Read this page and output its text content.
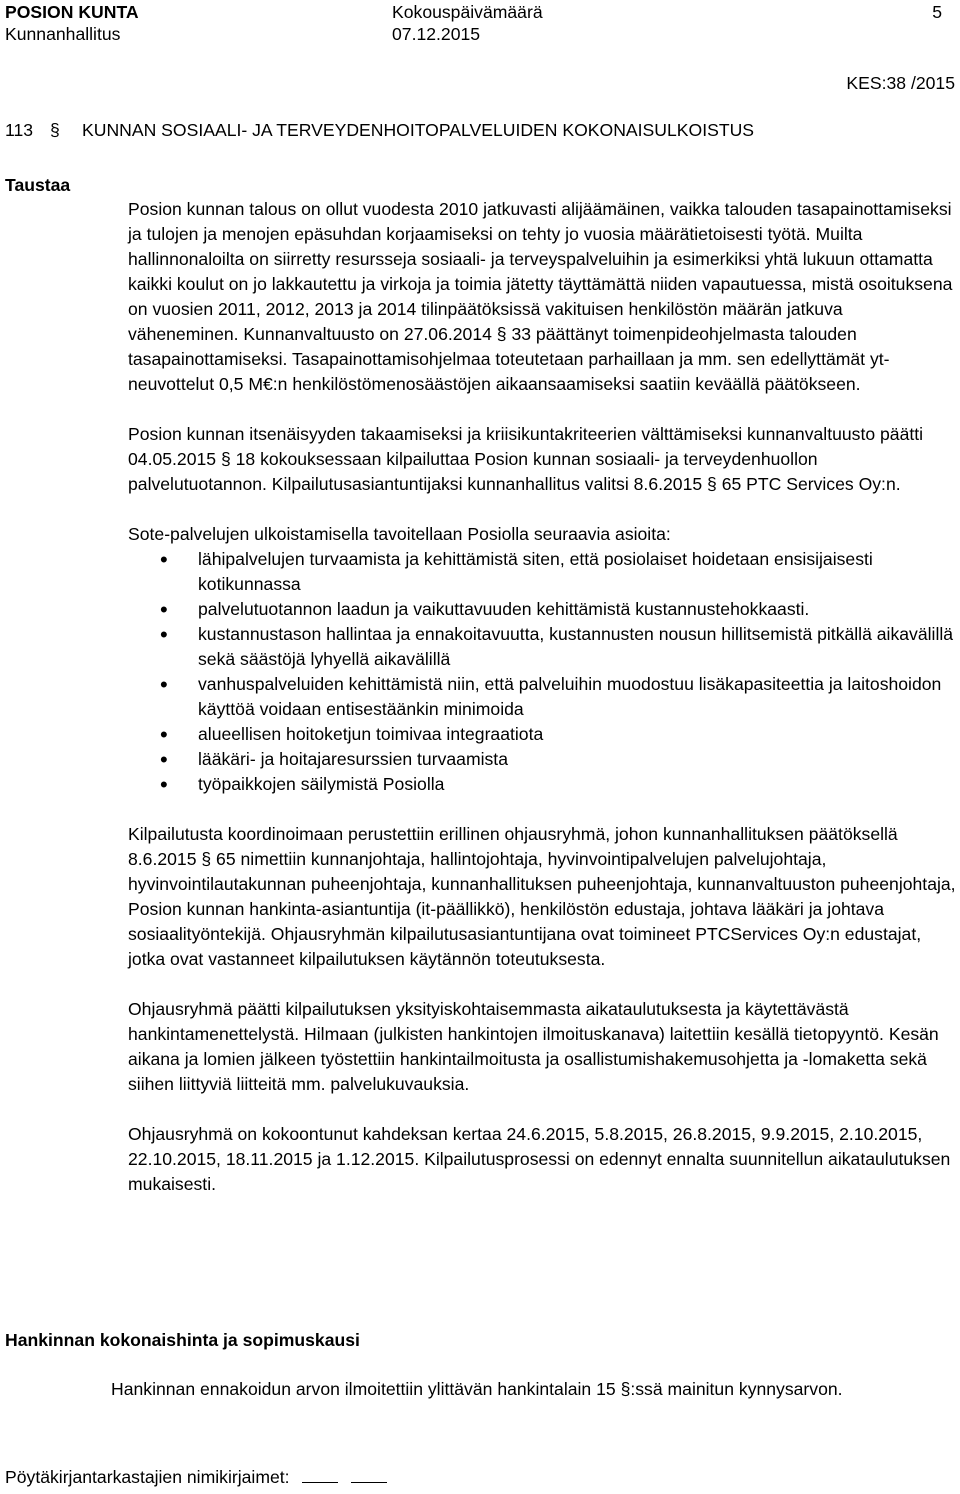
POSION KUNTA	Kokouspäivämäärä	5
Kunnanhallitus	07.12.2015
KES:38 /2015
113 § KUNNAN SOSIAALI- JA TERVEYDENHOITOPALVELUIDEN KOKONAISULKOISTUS
Taustaa

Posion kunnan talous on ollut vuodesta 2010 jatkuvasti alijäämäinen, vaikka talouden tasapainottamiseksi ja tulojen ja menojen epäsuhdan korjaamiseksi on tehty jo vuosia määrätietoisesti työtä. Muilta hallinnonaloilta on siirretty resursseja sosiaali- ja terveyspalveluihin ja esimerkiksi yhtä lukuun ottamatta kaikki koulut on jo lakkautettu ja virkoja ja toimia jätetty täyttämättä niiden vapautuessa, mistä osoituksena on vuosien 2011, 2012, 2013 ja 2014 tilinpäätöksissä vakituisen henkilöstön määrän jatkuva väheneminen. Kunnanvaltuusto on 27.06.2014 § 33 päättänyt toimenpideohjelmasta talouden tasapainottamiseksi. Tasapainottamisohjelmaa toteutetaan parhaillaan ja mm. sen edellyttämät yt-neuvottelut 0,5 M€:n henkilöstömenosäästöjen aikaansaamiseksi saatiin keväällä päätökseen.

Posion kunnan itsenäisyyden takaamiseksi ja kriisikuntakriteerien välttämiseksi kunnanvaltuusto päätti 04.05.2015 § 18 kokouksessaan kilpailuttaa Posion kunnan sosiaali- ja terveydenhuollon palvelutuotannon. Kilpailutusasiantuntijaksi kunnanhallitus valitsi 8.6.2015 § 65 PTC Services Oy:n.

Sote-palvelujen ulkoistamisella tavoitellaan Posiolla seuraavia asioita:

• lähipalvelujen turvaamista ja kehittämistä siten, että posiolaiset hoidetaan ensisijaisesti kotikunnassa
• palvelutuotannon laadun ja vaikuttavuuden kehittämistä kustannustehokkaasti.
• kustannustason hallintaa ja ennakoitavuutta, kustannusten nousun hillitsemistä pitkällä aikavälillä sekä säästöjä lyhyellä aikavälillä
• vanhuspalveluiden kehittämistä niin, että palveluihin muodostuu lisäkapasiteettia ja laitoshoidon käyttöä voidaan entisestäänkin minimoida
• alueellisen hoitoketjun toimivaa integraatiota
• lääkäri- ja hoitajaresurssien turvaamista
• työpaikkojen säilymistä Posiolla

Kilpailutusta koordinoimaan perustettiin erillinen ohjausryhmä, johon kunnanhallituksen päätöksellä 8.6.2015 § 65 nimettiin kunnanjohtaja, hallintojohtaja, hyvinvointipalvelujen palvelujohtaja, hyvinvointilautakunnan puheenjohtaja, kunnanhallituksen puheenjohtaja, kunnanvaltuuston puheenjohtaja, Posion kunnan hankinta-asiantuntija (it-päällikkö), henkilöstön edustaja, johtava lääkäri ja johtava sosiaalityöntekijä. Ohjausryhmän kilpailutusasiantuntijana ovat toimineet PTCServices Oy:n edustajat, jotka ovat vastanneet kilpailutuksen käytännön toteutuksesta.

Ohjausryhmä päätti kilpailutuksen yksityiskohtaisemmasta aikataulutuksesta ja käytettävästä hankintamenettelystä. Hilmaan (julkisten hankintojen ilmoituskanava) laitettiin kesällä tietopyyntö. Kesän aikana ja lomien jälkeen työstettiin hankintailmoitusta ja osallistumishakemusohjetta ja -lomaketta sekä siihen liittyviä liitteitä mm. palvelukuvauksia.

Ohjausryhmä on kokoontunut kahdeksan kertaa 24.6.2015, 5.8.2015, 26.8.2015, 9.9.2015, 2.10.2015, 22.10.2015, 18.11.2015 ja 1.12.2015. Kilpailutusprosessi on edennyt ennalta suunnitellun aikataulutuksen mukaisesti.

Hankinnan kokonaishinta ja sopimuskausi
Hankinnan ennakoidun arvon ilmoitettiin ylittävän hankintalain 15 §:ssä mainitun kynnysarvon.
Pöytäkirjantarkastajien nimikirjaimet:
